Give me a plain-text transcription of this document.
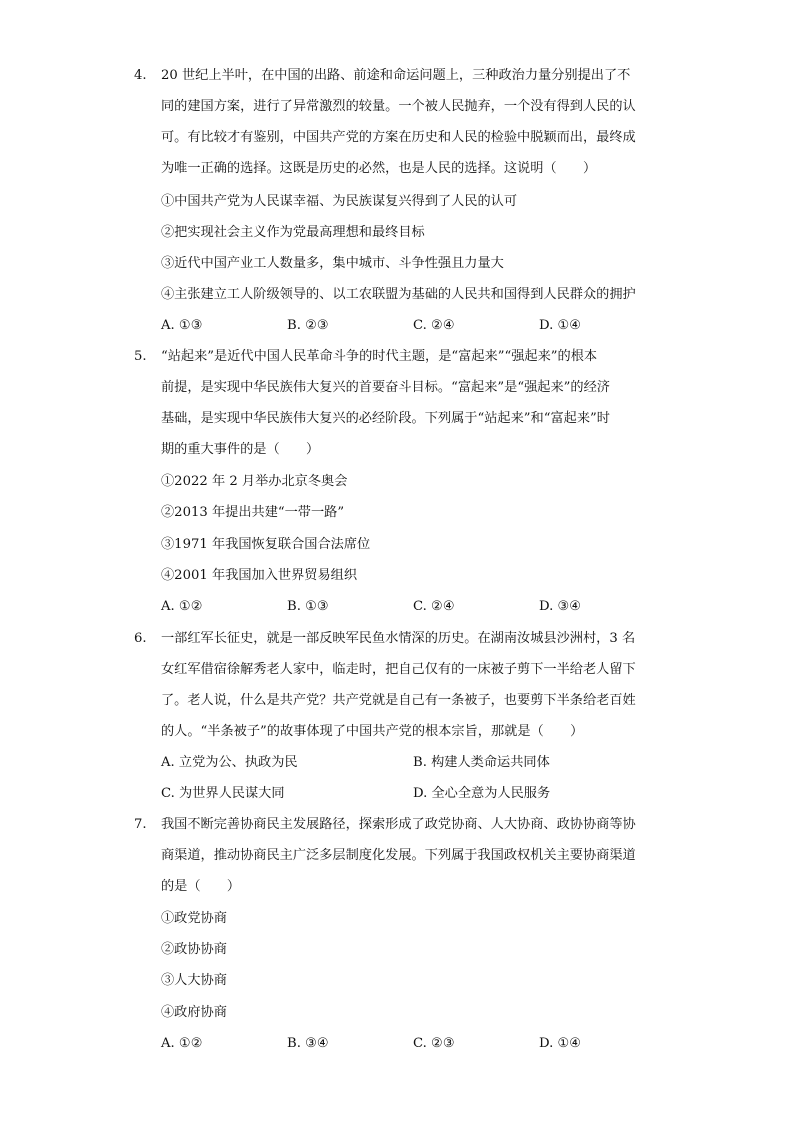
4. 20 世纪上半叶，在中国的出路、前途和命运问题上，三种政治力量分别提出了不
同的建国方案，进行了异常激烈的较量。一个被人民抛弃，一个没有得到人民的认
可。有比较才有鉴别，中国共产党的方案在历史和人民的检验中脱颖而出，最终成
为唯一正确的选择。这既是历史的必然，也是人民的选择。这说明（　　）
①中国共产党为人民谋幸福、为民族谋复兴得到了人民的认可
②把实现社会主义作为党最高理想和最终目标
③近代中国产业工人数量多，集中城市、斗争性强且力量大
④主张建立工人阶级领导的、以工农联盟为基础的人民共和国得到人民群众的拥护
A. ①③	B. ②③	C. ②④	D. ①④
5. “站起来”是近代中国人民革命斗争的时代主题，是“富起来”“强起来”的根本
前提，是实现中华民族伟大复兴的首要奋斗目标。“富起来”是“强起来”的经济
基础，是实现中华民族伟大复兴的必经阶段。下列属于“站起来”和“富起来”时
期的重大事件的是（　　）
①2022 年 2 月举办北京冬奥会
②2013 年提出共建“一带一路”
③1971 年我国恢复联合国合法席位
④2001 年我国加入世界贸易组织
A. ①②	B. ①③	C. ②④	D. ③④
6. 一部红军长征史，就是一部反映军民鱼水情深的历史。在湖南汝城县沙洲村，3 名
女红军借宿徐解秀老人家中，临走时，把自己仅有的一床被子剪下一半给老人留下
了。老人说，什么是共产党？共产党就是自己有一条被子，也要剪下半条给老百姓
的人。“半条被子”的故事体现了中国共产党的根本宗旨，那就是（　　）
A. 立党为公、执政为民	B. 构建人类命运共同体
C. 为世界人民谋大同	D. 全心全意为人民服务
7. 我国不断完善协商民主发展路径，探索形成了政党协商、人大协商、政协协商等协
商渠道，推动协商民主广泛多层制度化发展。下列属于我国政权机关主要协商渠道
的是（　　）
①政党协商
②政协协商
③人大协商
④政府协商
A. ①②	B. ③④	C. ②③	D. ①④
